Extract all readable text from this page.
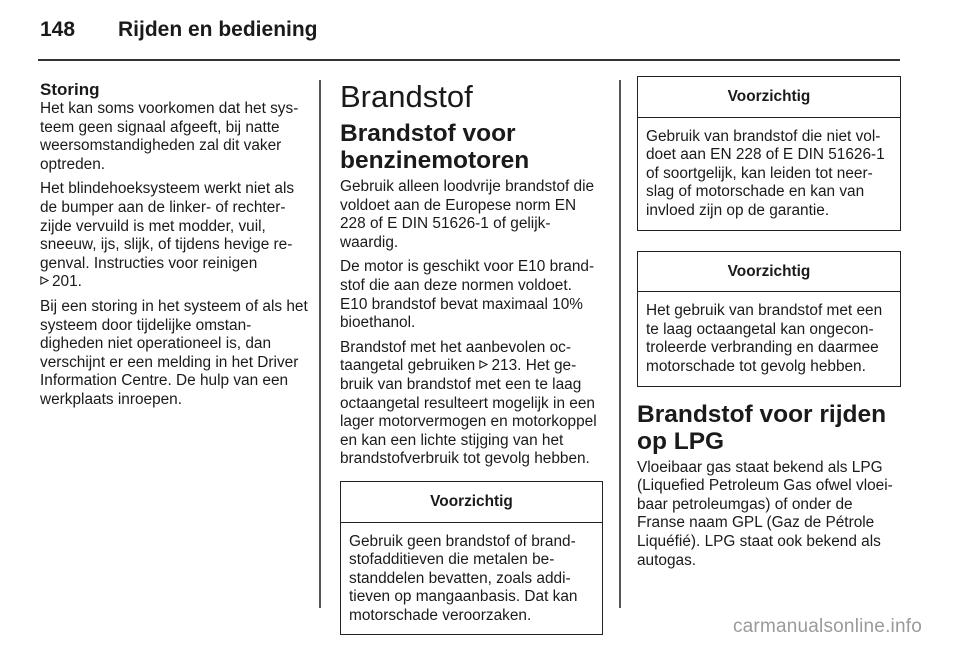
148	Rijden en bediening
Storing

Het kan soms voorkomen dat het systeem geen signaal afgeeft, bij natte weersomstandigheden zal dit vaker optreden.

Het blindehoeksysteem werkt niet als de bumper aan de linker- of rechterzijde vervuild is met modder, vuil, sneeuw, ijs, slijk, of tijdens hevige regenval. Instructies voor reinigen
201.

Bij een storing in het systeem of als het systeem door tijdelijke omstandigheden niet operationeel is, dan verschijnt er een melding in het Driver Information Centre. De hulp van een werkplaats inroepen.

Brandstof
Brandstof voor benzinemotoren

Gebruik alleen loodvrije brandstof die voldoet aan de Europese norm EN 228 of E DIN 51626-1 of gelijkwaardig.

De motor is geschikt voor E10 brandstof die aan deze normen voldoet. E10 brandstof bevat maximaal 10% bioethanol.

Brandstof met het aanbevolen octaangetal gebruiken 213. Het gebruik van brandstof met een te laag octaangetal resulteert mogelijk in een lager motorvermogen en motorkoppel en kan een lichte stijging van het brandstofverbruik tot gevolg hebben.

Voorzichtig

Gebruik geen brandstof of brandstofadditieven die metalen bestanddelen bevatten, zoals additieven op mangaanbasis. Dat kan motorschade veroorzaken.

Voorzichtig

Gebruik van brandstof die niet voldoet aan EN 228 of E DIN 51626-1 of soortgelijk, kan leiden tot neerslag of motorschade en kan van invloed zijn op de garantie.

Voorzichtig

Het gebruik van brandstof met een te laag octaangetal kan ongecontroleerde verbranding en daarmee motorschade tot gevolg hebben.

Brandstof voor rijden op LPG

Vloeibaar gas staat bekend als LPG (Liquefied Petroleum Gas ofwel vloeibaar petroleumgas) of onder de Franse naam GPL (Gaz de Pétrole Liquéfié). LPG staat ook bekend als autogas.

carmanualsonline.info
